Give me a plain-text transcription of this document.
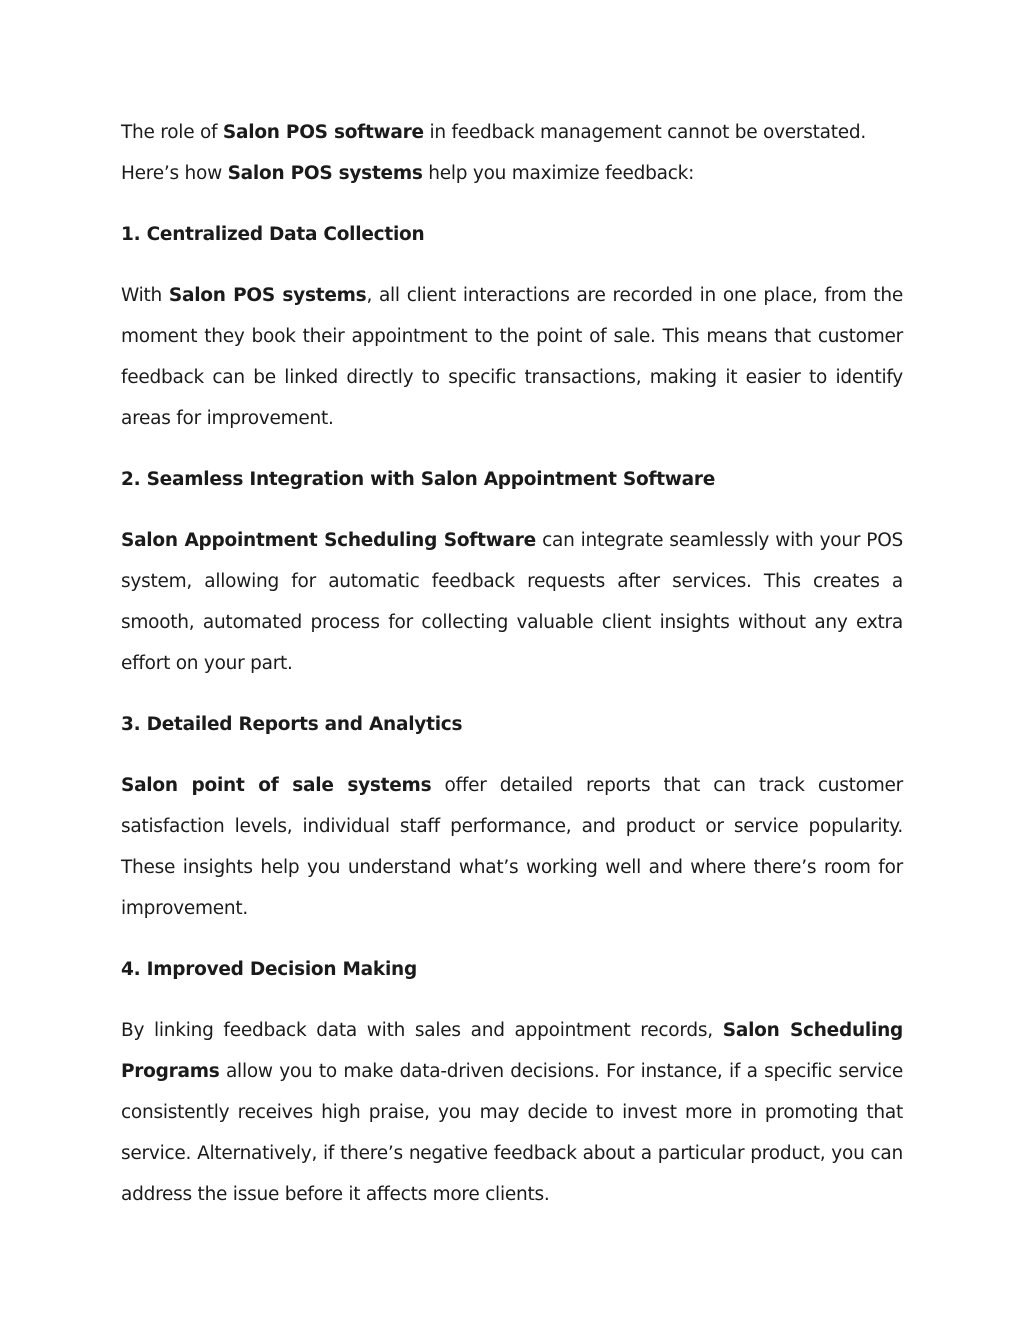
The role of Salon POS software in feedback management cannot be overstated. Here’s how Salon POS systems help you maximize feedback:

1. Centralized Data Collection

With Salon POS systems, all client interactions are recorded in one place, from the moment they book their appointment to the point of sale. This means that customer feedback can be linked directly to specific transactions, making it easier to identify areas for improvement.

2. Seamless Integration with Salon Appointment Software

Salon Appointment Scheduling Software can integrate seamlessly with your POS system, allowing for automatic feedback requests after services. This creates a smooth, automated process for collecting valuable client insights without any extra effort on your part.

3. Detailed Reports and Analytics

Salon point of sale systems offer detailed reports that can track customer satisfaction levels, individual staff performance, and product or service popularity. These insights help you understand what’s working well and where there’s room for improvement.

4. Improved Decision Making

By linking feedback data with sales and appointment records, Salon Scheduling Programs allow you to make data-driven decisions. For instance, if a specific service consistently receives high praise, you may decide to invest more in promoting that service. Alternatively, if there’s negative feedback about a particular product, you can address the issue before it affects more clients.
